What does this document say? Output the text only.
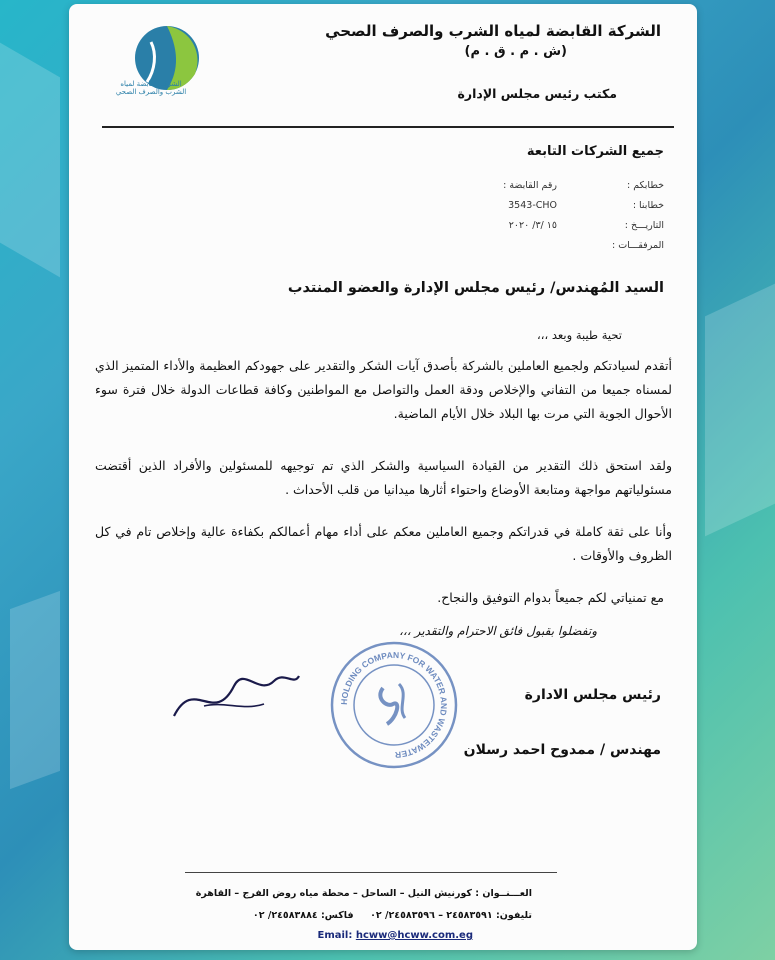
الشركة القابضة لمياه الشرب والصرف الصحي
(ش . م . ق . م)
مكتب رئيس مجلس الإدارة
الشركة القابضة لمياه الشرب والصرف الصحي
جميع الشركات التابعة
خطابكم :
خطابنا :
التاريـــخ :
المرفقـــات :
رقم القابضة :
3543-CHO
١٥ /٣/ ٢٠٢٠
السيد المُهندس/ رئيس مجلس الإدارة والعضو المنتدب
تحية طيبة وبعد ،،،
أتقدم لسيادتكم ولجميع العاملين بالشركة بأصدق آيات الشكر والتقدير على جهودكم العظيمة والأداء المتميز الذي لمسناه جميعا من التفاني والإخلاص ودقة العمل والتواصل مع المواطنين وكافة قطاعات الدولة خلال فترة سوء الأحوال الجوية التي مرت بها البلاد خلال الأيام الماضية.
ولقد استحق ذلك التقدير من القيادة السياسية والشكر الذي تم توجيهه للمسئولين والأفراد الذين أقتضت مسئولياتهم مواجهة ومتابعة الأوضاع واحتواء أثارها ميدانيا من قلب الأحداث .
وأنا على ثقة كاملة في قدراتكم وجميع العاملين معكم على أداء مهام أعمالكم بكفاءة عالية وإخلاص تام في كل الظروف والأوقات .
مع تمنياتي لكم جميعاً بدوام التوفيق والنجاح.
وتفضلوا بقبول فائق الاحترام والتقدير ،،،
رئيس مجلس الادارة
مهندس / ممدوح احمد رسلان
HOLDING COMPANY FOR WATER AND WASTEWATER
العـــنــوان : كورنيش النيل – الساحل – محطة مياه روض الفرج – القاهرة
تليفون: ٢٤٥٨٣٥٩١ – ٢٤٥٨٣٥٩٦/ ٠٢     فاكس: ٢٤٥٨٣٨٨٤/ ٠٢
Email: hcww@hcww.com.eg
